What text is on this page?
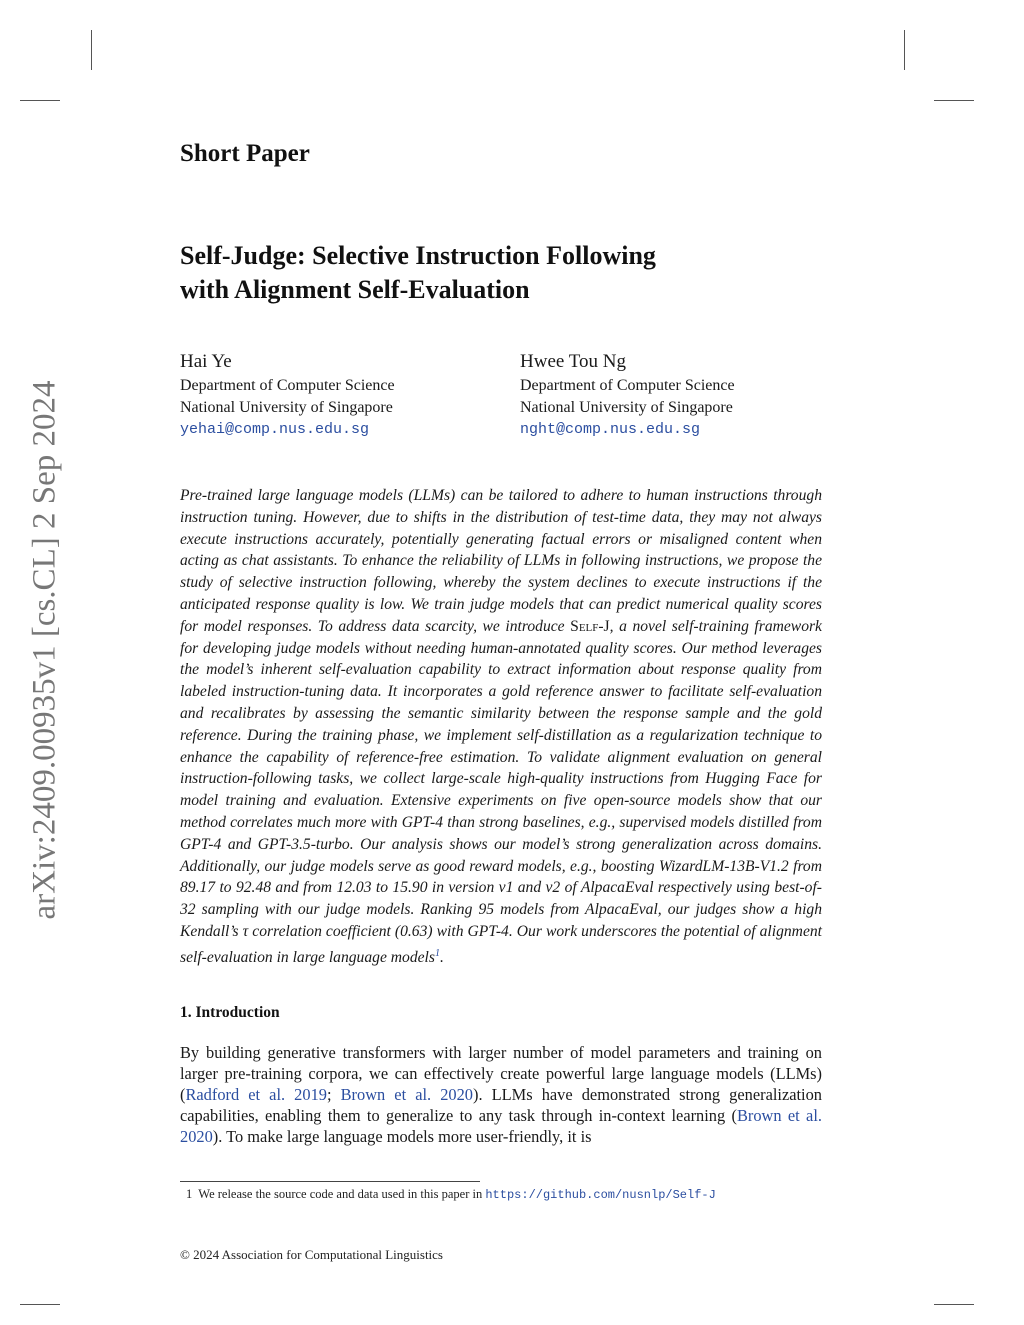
arXiv:2409.00935v1 [cs.CL] 2 Sep 2024
Short Paper
Self-Judge: Selective Instruction Following
with Alignment Self-Evaluation
Hai Ye
Department of Computer Science
National University of Singapore
yehai@comp.nus.edu.sg
Hwee Tou Ng
Department of Computer Science
National University of Singapore
nght@comp.nus.edu.sg
Pre-trained large language models (LLMs) can be tailored to adhere to human instructions through instruction tuning. However, due to shifts in the distribution of test-time data, they may not always execute instructions accurately, potentially generating factual errors or misaligned content when acting as chat assistants. To enhance the reliability of LLMs in following instructions, we propose the study of selective instruction following, whereby the system declines to execute instructions if the anticipated response quality is low. We train judge models that can predict numerical quality scores for model responses. To address data scarcity, we introduce Self-J, a novel self-training framework for developing judge models without needing human-annotated quality scores. Our method leverages the model’s inherent self-evaluation capability to extract information about response quality from labeled instruction-tuning data. It incorporates a gold reference answer to facilitate self-evaluation and recalibrates by assessing the semantic similarity between the response sample and the gold reference. During the training phase, we implement self-distillation as a regularization technique to enhance the capability of reference-free estimation. To validate alignment evaluation on general instruction-following tasks, we collect large-scale high-quality instructions from Hugging Face for model training and evaluation. Extensive experiments on five open-source models show that our method correlates much more with GPT-4 than strong baselines, e.g., supervised models distilled from GPT-4 and GPT-3.5-turbo. Our analysis shows our model’s strong generalization across domains. Additionally, our judge models serve as good reward models, e.g., boosting WizardLM-13B-V1.2 from 89.17 to 92.48 and from 12.03 to 15.90 in version v1 and v2 of AlpacaEval respectively using best-of-32 sampling with our judge models. Ranking 95 models from AlpacaEval, our judges show a high Kendall’s τ correlation coefficient (0.63) with GPT-4. Our work underscores the potential of alignment self-evaluation in large language models$^1$.
1. Introduction
By building generative transformers with larger number of model parameters and training on larger pre-training corpora, we can effectively create powerful large language models (LLMs) (Radford et al. 2019; Brown et al. 2020). LLMs have demonstrated strong generalization capabilities, enabling them to generalize to any task through in-context learning (Brown et al. 2020). To make large language models more user-friendly, it is
1 We release the source code and data used in this paper in https://github.com/nusnlp/Self-J
© 2024 Association for Computational Linguistics
